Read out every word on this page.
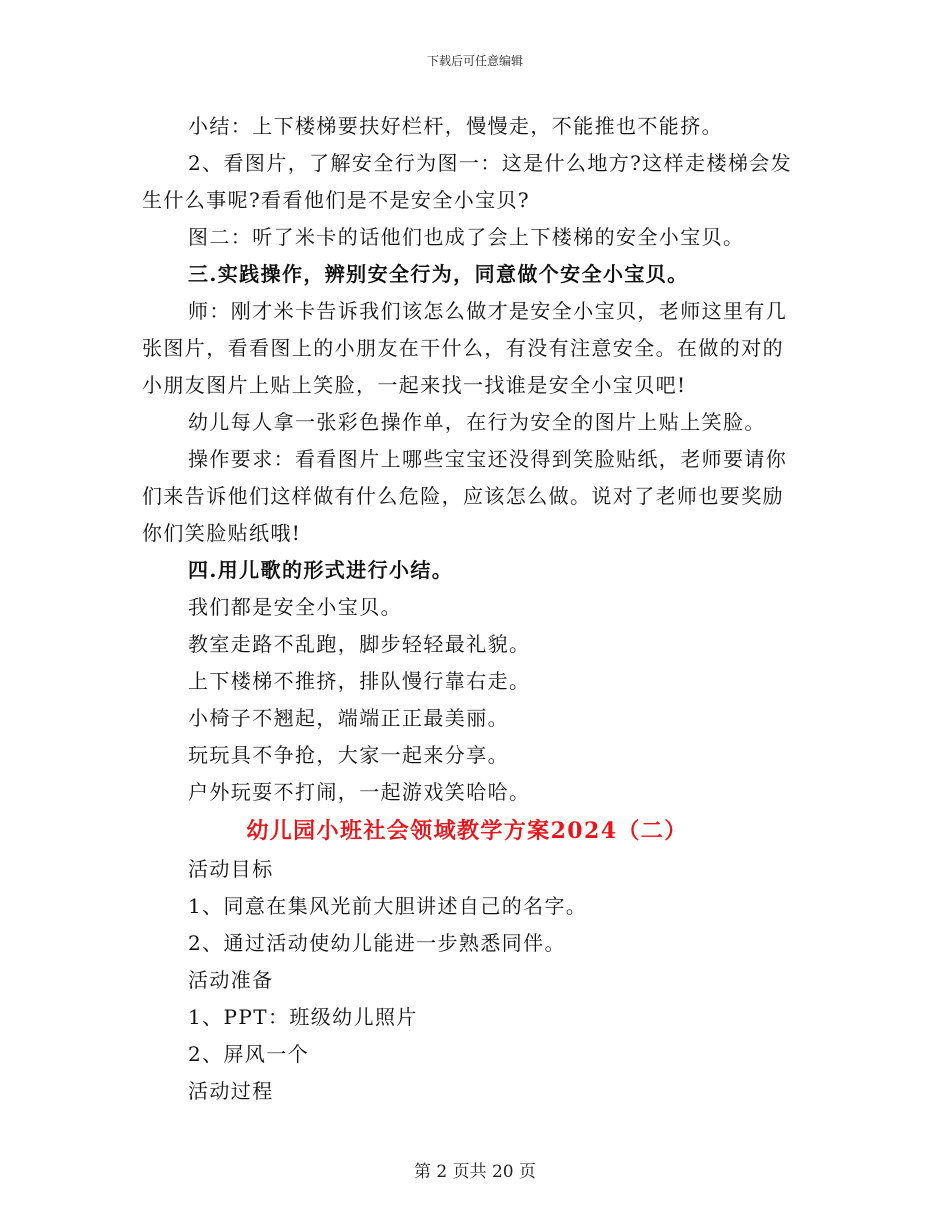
下载后可任意编辑

小结：上下楼梯要扶好栏杆，慢慢走，不能推也不能挤。

2、看图片，了解安全行为图一：这是什么地方?这样走楼梯会发生什么事呢?看看他们是不是安全小宝贝?

图二：听了米卡的话他们也成了会上下楼梯的安全小宝贝。

三.实践操作，辨别安全行为，同意做个安全小宝贝。

师：刚才米卡告诉我们该怎么做才是安全小宝贝，老师这里有几张图片，看看图上的小朋友在干什么，有没有注意安全。在做的对的小朋友图片上贴上笑脸，一起来找一找谁是安全小宝贝吧!

幼儿每人拿一张彩色操作单，在行为安全的图片上贴上笑脸。

操作要求：看看图片上哪些宝宝还没得到笑脸贴纸，老师要请你们来告诉他们这样做有什么危险，应该怎么做。说对了老师也要奖励你们笑脸贴纸哦!

四.用儿歌的形式进行小结。

我们都是安全小宝贝。

教室走路不乱跑，脚步轻轻最礼貌。

上下楼梯不推挤，排队慢行靠右走。

小椅子不翘起，端端正正最美丽。

玩玩具不争抢，大家一起来分享。

户外玩耍不打闹，一起游戏笑哈哈。

幼儿园小班社会领域教学方案2024（二）

活动目标

1、同意在集风光前大胆讲述自己的名字。

2、通过活动使幼儿能进一步熟悉同伴。

活动准备

1、PPT：班级幼儿照片

2、屏风一个

活动过程

第 2 页共 20 页
